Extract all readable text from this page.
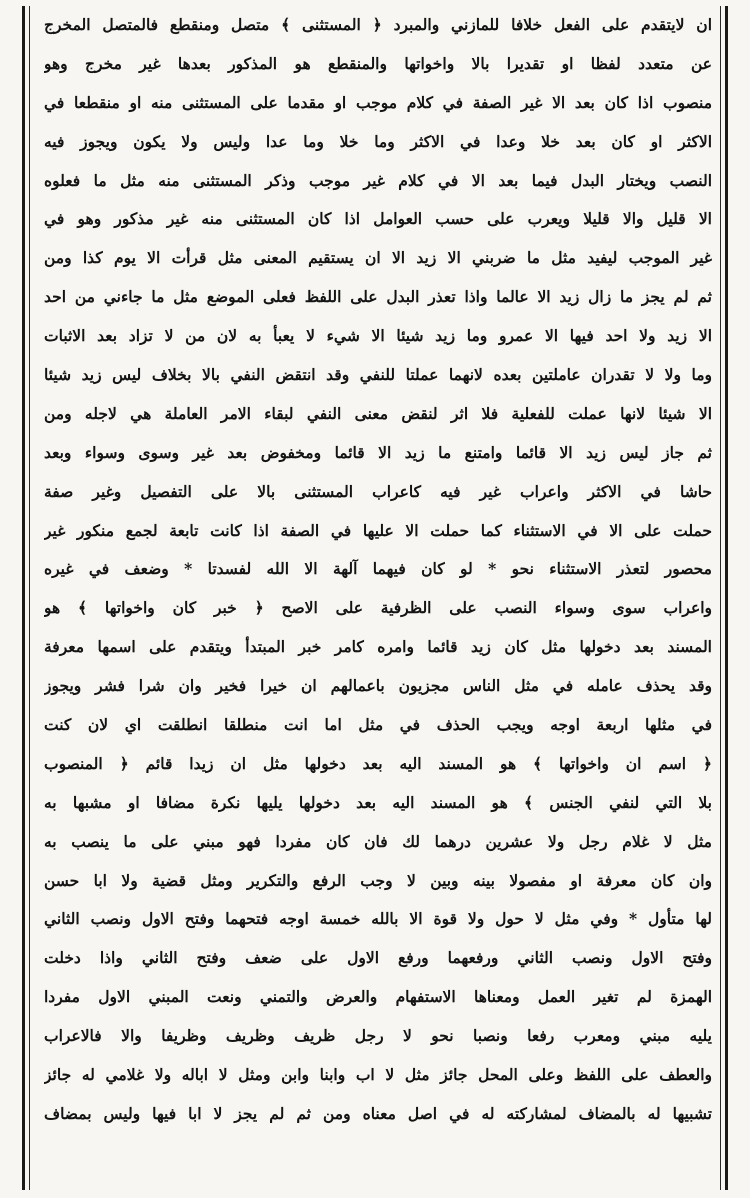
ان لايتقدم على الفعل خلافا للمازني والمبرد ﴿ المستثنى ﴾ متصل ومنقطع فالمتصل المخرج
عن متعدد لفظا او تقديرا بالا واخواتها والمنقطع هو المذكور بعدها غير مخرج وهو
منصوب اذا كان بعد الا غير الصفة في كلام موجب او مقدما على المستثنى منه او منقطعا في
الاكثر او كان بعد خلا وعدا في الاكثر وما خلا وما عدا وليس ولا يكون ويجوز فيه
النصب ويختار البدل فيما بعد الا في كلام غير موجب وذكر المستثنى منه مثل ما فعلوه
الا قليل والا قليلا ويعرب على حسب العوامل اذا كان المستثنى منه غير مذكور وهو في
غير الموجب ليفيد مثل ما ضربني الا زيد الا ان يستقيم المعنى مثل قرأت الا يوم كذا ومن
ثم لم يجز ما زال زيد الا عالما واذا تعذر البدل على اللفظ فعلى الموضع مثل ما جاءني من احد
الا زيد ولا احد فيها الا عمرو وما زيد شيئا الا شيء لا يعبأ به لان من لا تزاد بعد الاثبات
وما ولا لا تقدران عاملتين بعده لانهما عملتا للنفي وقد انتقض النفي بالا بخلاف ليس زيد شيئا
الا شيئا لانها عملت للفعلية فلا اثر لنقض معنى النفي لبقاء الامر العاملة هي لاجله ومن
ثم جاز ليس زيد الا قائما وامتنع ما زيد الا قائما ومخفوض بعد غير وسوى وسواء وبعد
حاشا في الاكثر واعراب غير فيه كاعراب المستثنى بالا على التفصيل وغير صفة
حملت على الا في الاستثناء كما حملت الا عليها في الصفة اذا كانت تابعة لجمع منكور غير
محصور لتعذر الاستثناء نحو * لو كان فيهما آلهة الا الله لفسدتا * وضعف في غيره
واعراب سوى وسواء النصب على الظرفية على الاصح ﴿ خبر كان واخواتها ﴾ هو
المسند بعد دخولها مثل كان زيد قائما وامره كامر خبر المبتدأ ويتقدم على اسمها معرفة
وقد يحذف عامله في مثل الناس مجزيون باعمالهم ان خيرا فخير وان شرا فشر ويجوز
في مثلها اربعة اوجه ويجب الحذف في مثل اما انت منطلقا انطلقت اي لان كنت
﴿ اسم ان واخواتها ﴾ هو المسند اليه بعد دخولها مثل ان زيدا قائم ﴿ المنصوب
بلا التي لنفي الجنس ﴾ هو المسند اليه بعد دخولها يليها نكرة مضافا او مشبها به
مثل لا غلام رجل ولا عشرين درهما لك فان كان مفردا فهو مبني على ما ينصب به
وان كان معرفة او مفصولا بينه وبين لا وجب الرفع والتكرير ومثل قضية ولا ابا حسن
لها متأول * وفي مثل لا حول ولا قوة الا بالله خمسة اوجه فتحهما وفتح الاول ونصب الثاني
وفتح الاول ونصب الثاني ورفعهما ورفع الاول على ضعف وفتح الثاني واذا دخلت
الهمزة لم تغير العمل ومعناها الاستفهام والعرض والتمني ونعت المبني الاول مفردا
يليه مبني ومعرب رفعا ونصبا نحو لا رجل ظريف وظريف وظريفا والا فالاعراب
والعطف على اللفظ وعلى المحل جائز مثل لا اب وابنا وابن ومثل لا اباله ولا غلامي له جائز
تشبيها له بالمضاف لمشاركته له في اصل معناه ومن ثم لم يجز لا ابا فيها وليس بمضاف
